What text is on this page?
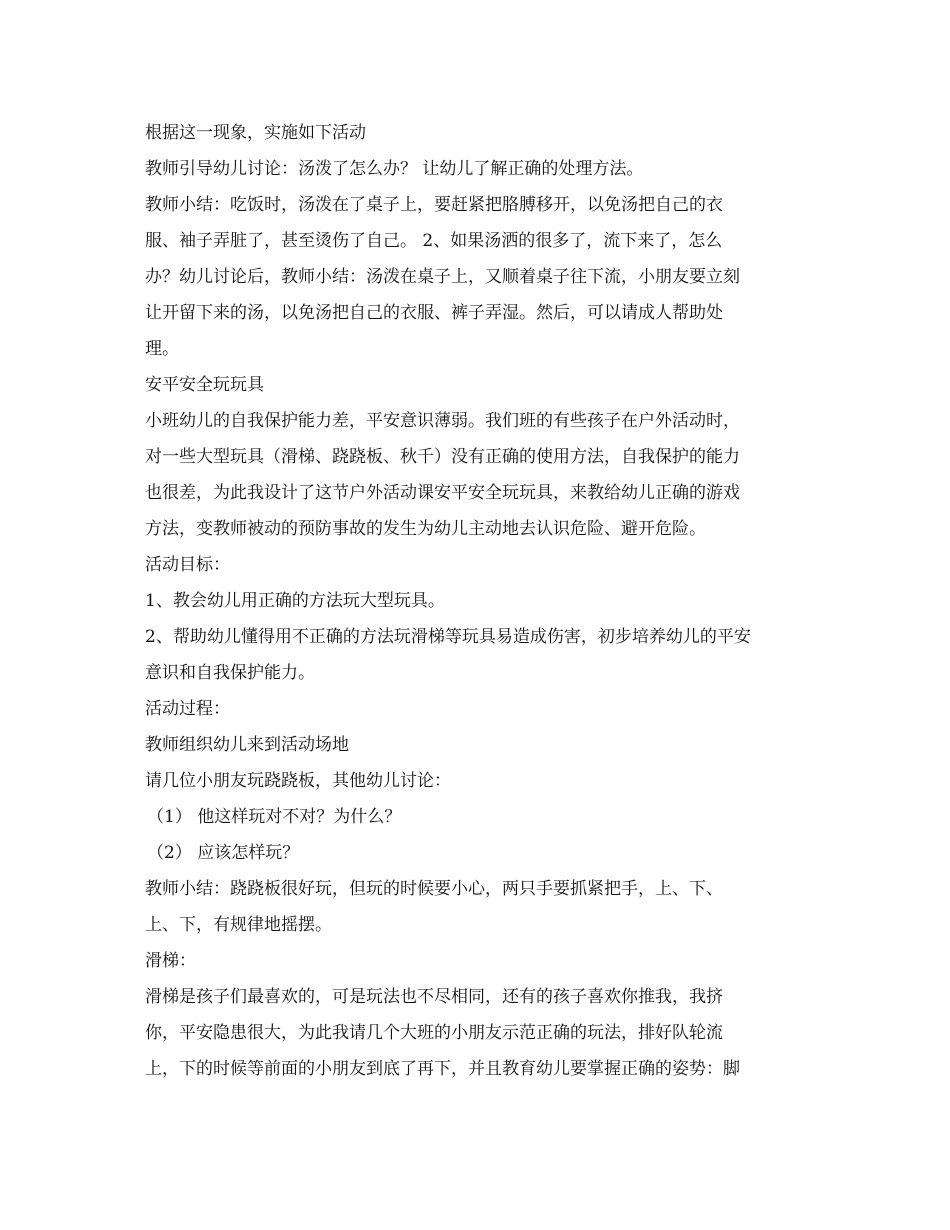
根据这一现象，实施如下活动
教师引导幼儿讨论：汤泼了怎么办？ 让幼儿了解正确的处理方法。
教师小结：吃饭时，汤泼在了桌子上，要赶紧把胳膊移开，以免汤把自己的衣
服、袖子弄脏了，甚至烫伤了自己。 2、如果汤洒的很多了，流下来了，怎么
办？幼儿讨论后，教师小结：汤泼在桌子上，又顺着桌子往下流，小朋友要立刻
让开留下来的汤，以免汤把自己的衣服、裤子弄湿。然后，可以请成人帮助处
理。
安平安全玩玩具
小班幼儿的自我保护能力差，平安意识薄弱。我们班的有些孩子在户外活动时，
对一些大型玩具（滑梯、跷跷板、秋千）没有正确的使用方法，自我保护的能力
也很差，为此我设计了这节户外活动课安平安全玩玩具，来教给幼儿正确的游戏
方法，变教师被动的预防事故的发生为幼儿主动地去认识危险、避开危险。
活动目标：
1、教会幼儿用正确的方法玩大型玩具。
2、帮助幼儿懂得用不正确的方法玩滑梯等玩具易造成伤害，初步培养幼儿的平安
意识和自我保护能力。
活动过程：
教师组织幼儿来到活动场地
请几位小朋友玩跷跷板，其他幼儿讨论：
（1） 他这样玩对不对？为什么？
（2） 应该怎样玩？
教师小结：跷跷板很好玩，但玩的时候要小心，两只手要抓紧把手，上、下、
上、下，有规律地摇摆。
滑梯：
滑梯是孩子们最喜欢的，可是玩法也不尽相同，还有的孩子喜欢你推我，我挤
你，平安隐患很大，为此我请几个大班的小朋友示范正确的玩法，排好队轮流
上，下的时候等前面的小朋友到底了再下，并且教育幼儿要掌握正确的姿势：脚
